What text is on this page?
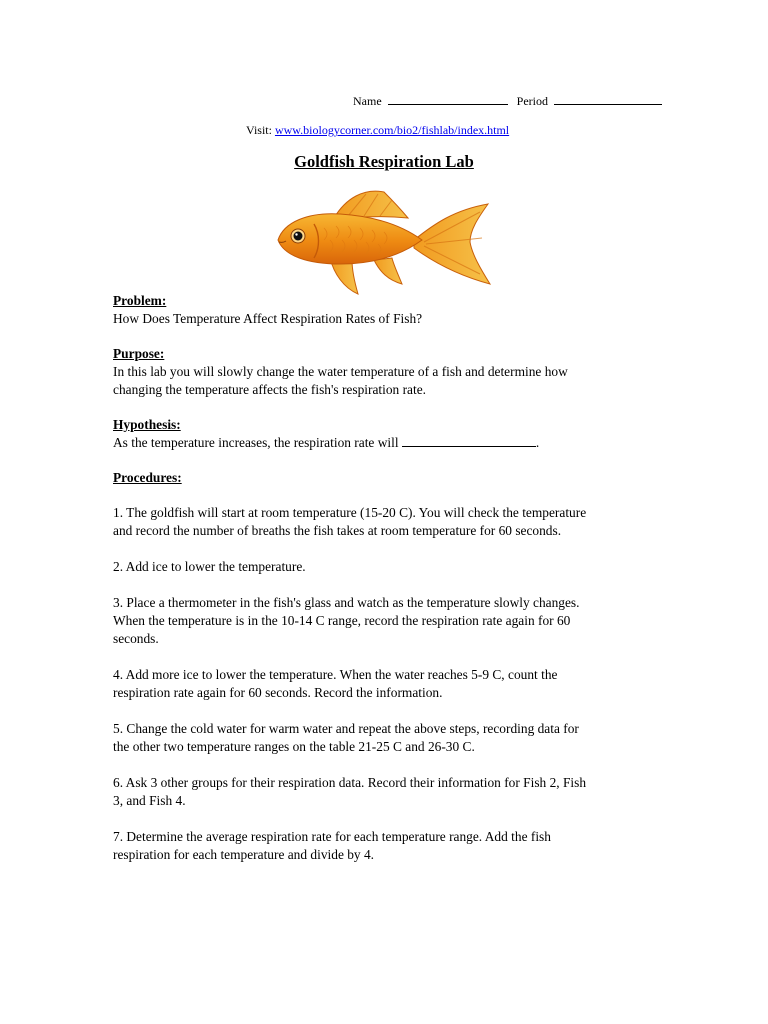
Name	Period
Visit: www.biologycorner.com/bio2/fishlab/index.html
Goldfish Respiration Lab

Problem:

How Does Temperature Affect Respiration Rates of Fish?

Purpose:

In this lab you will slowly change the water temperature of a fish and determine how

changing the temperature affects the fish's respiration rate.

Hypothesis:

As the temperature increases, the respiration rate will	.

Procedures:

1. The goldfish will start at room temperature (15-20 C). You will check the temperature

and record the number of breaths the fish takes at room temperature for 60 seconds.

2. Add ice to lower the temperature.

3. Place a thermometer in the fish's glass and watch as the temperature slowly changes.

When the temperature is in the 10-14 C range, record the respiration rate again for 60

seconds.

4. Add more ice to lower the temperature. When the water reaches 5-9 C, count the

respiration rate again for 60 seconds. Record the information.

5. Change the cold water for warm water and repeat the above steps, recording data for

the other two temperature ranges on the table 21-25 C and 26-30 C.

6. Ask 3 other groups for their respiration data. Record their information for Fish 2, Fish

3, and Fish 4.

7. Determine the average respiration rate for each temperature range. Add the fish

respiration for each temperature and divide by 4.
